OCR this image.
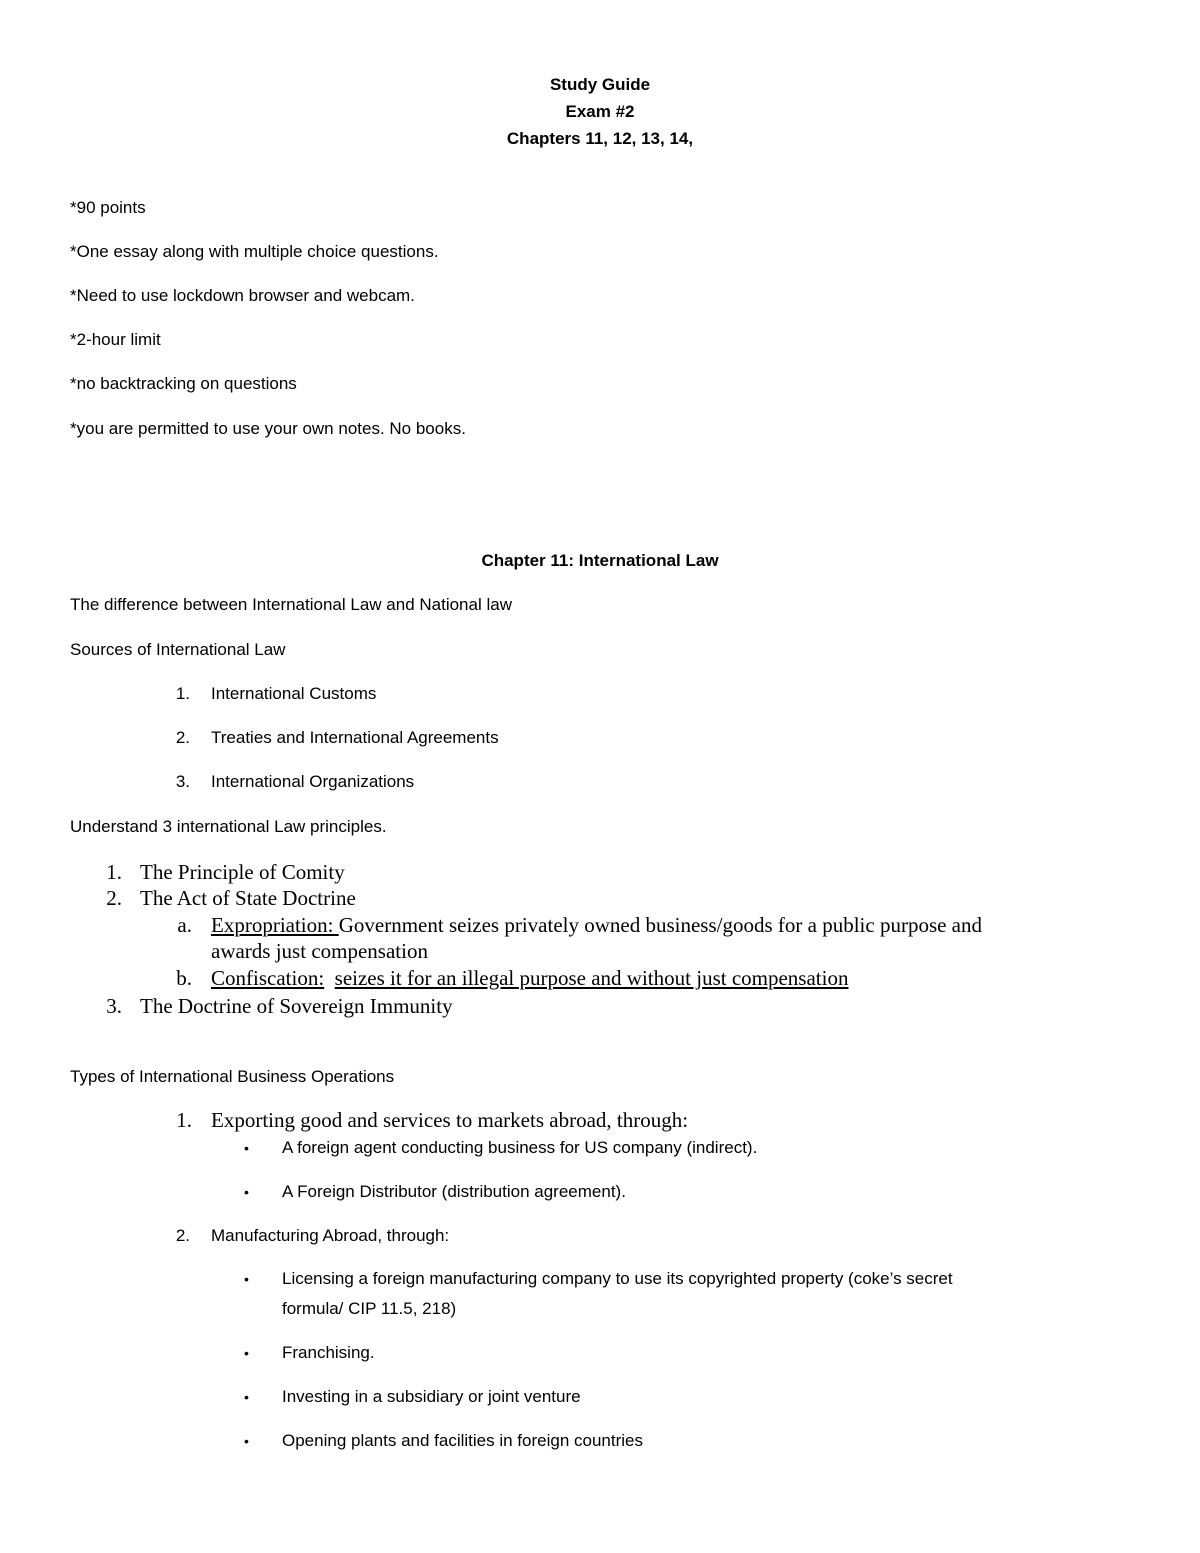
Study Guide
Exam #2
Chapters 11, 12, 13, 14,
*90 points
*One essay along with multiple choice questions.
*Need to use lockdown browser and webcam.
*2-hour limit
*no backtracking on questions
*you are permitted to use your own notes. No books.
Chapter 11: International Law
The difference between International Law and National law
Sources of International Law
1. International Customs
2. Treaties and International Agreements
3. International Organizations
Understand 3 international Law principles.
1. The Principle of Comity
2. The Act of State Doctrine
a. Expropriation: Government seizes privately owned business/goods for a public purpose and
awards just compensation
b. Confiscation: seizes it for an illegal purpose and without just compensation
3. The Doctrine of Sovereign Immunity
Types of International Business Operations
1. Exporting good and services to markets abroad, through:
• A foreign agent conducting business for US company (indirect).
• A Foreign Distributor (distribution agreement).
2. Manufacturing Abroad, through:
• Licensing a foreign manufacturing company to use its copyrighted property (coke’s secret
formula/ CIP 11.5, 218)
• Franchising.
• Investing in a subsidiary or joint venture
• Opening plants and facilities in foreign countries
